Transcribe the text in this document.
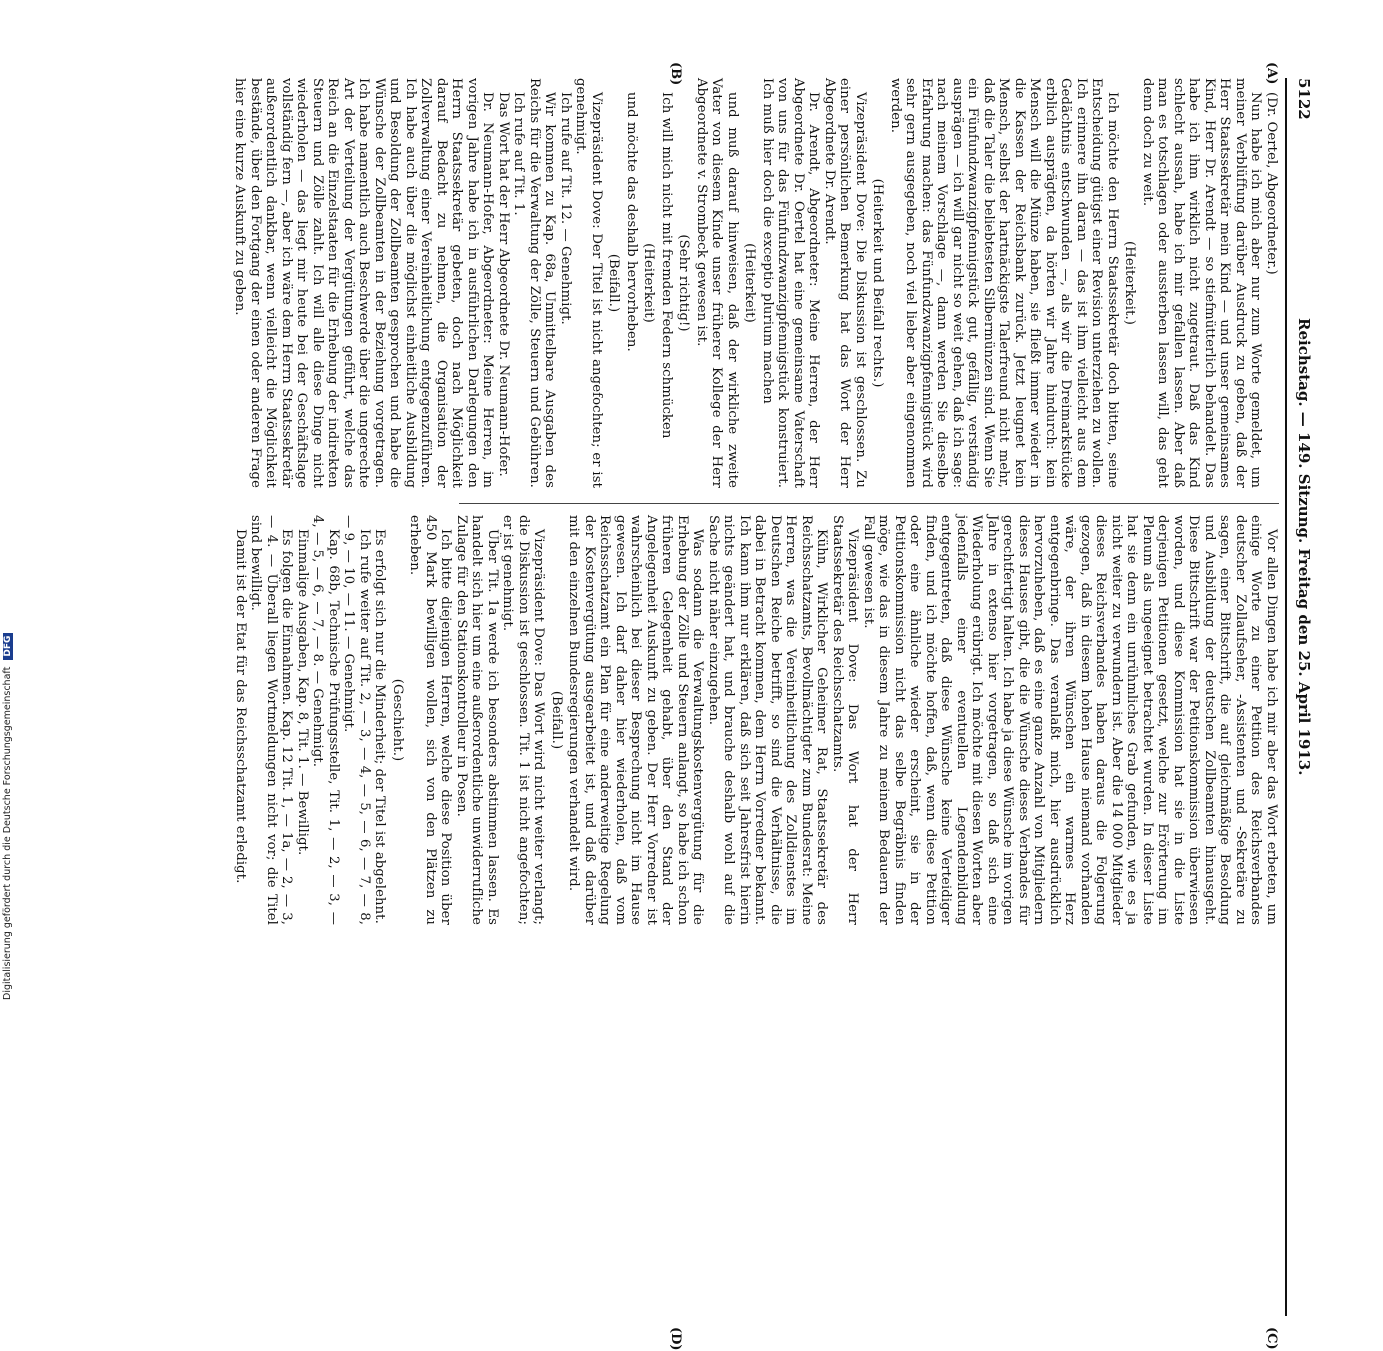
5122
Reichstag. — 149. Sitzung. Freitag den 25. April 1913.
(A)
(B)
(C)
(D)

(Dr. Oertel, Abgeordneter.)

Nun habe ich mich aber nur zum Worte gemeldet, um meiner Verblüffung darüber Ausdruck zu geben, daß der Herr Staatssekretär mein Kind — und unser gemeinsames Kind, Herr Dr. Arendt — so stiefmütterlich behandelt. Das habe ich ihm wirklich nicht zugetraut. Daß das Kind schlecht aussah, habe ich mir gefallen lassen. Aber daß man es totschlagen oder aussterben lassen will, das geht denn doch zu weit.

(Heiterkeit.)

Ich möchte den Herrn Staatssekretär doch bitten, seine Entscheidung gütigst einer Revision unterziehen zu wollen. Ich erinnere ihn daran — das ist ihm vielleicht aus dem Gedächtnis entschwunden —, als wir die Dreimarkstücke erblich ausprägten, da hörten wir Jahre hindurch: kein Mensch will die Münze haben, sie fließt immer wieder in die Kassen der Reichsbank zurück. Jetzt leugnet kein Mensch, selbst der hartnäckigste Talerfreund nicht mehr, daß die Taler die beliebtesten Silbermünzen sind. Wenn Sie ein Fünfundzwanzigpfennigstück gut, gefällig, verständig ausprägen — ich will gar nicht so weit gehen, daß ich sage: nach meinem Vorschlage —, dann werden Sie dieselbe Erfahrung machen: das Fünfundzwanzigpfennigstück wird sehr gern ausgegeben, noch viel lieber aber eingenommen werden.

(Heiterkeit und Beifall rechts.)

Vizepräsident Dove: Die Diskussion ist geschlossen. Zu einer persönlichen Bemerkung hat das Wort der Herr Abgeordnete Dr. Arendt.

Dr. Arendt, Abgeordneter: Meine Herren, der Herr Abgeordnete Dr. Oertel hat eine gemeinsame Vaterschaft von uns für das Fünfundzwanzigpfennigstück konstruiert. Ich muß hier doch die exceptio plurium machen

(Heiterkeit)

und muß darauf hinweisen, daß der wirkliche zweite Vater von diesem Kinde unser früherer Kollege der Herr Abgeordnete v. Strombeck gewesen ist.

(Sehr richtig!)

Ich will mich nicht mit fremden Federn schmücken

(Heiterkeit)

und möchte das deshalb hervorheben.

(Beifall.)

Vizepräsident Dove: Der Titel ist nicht angefochten; er ist genehmigt.

Ich rufe auf Tit. 12. — Genehmigt.

Wir kommen zu Kap. 68a, Unmittelbare Ausgaben des Reichs für die Verwaltung der Zölle, Steuern und Gebühren.

Ich rufe auf Tit. 1.

Das Wort hat der Herr Abgeordnete Dr. Neumann-Hofer.

Dr. Neumann-Hofer, Abgeordneter: Meine Herren, im vorigen Jahre habe ich in ausführlichen Darlegungen den Herrn Staatssekretär gebeten, doch nach Möglichkeit darauf Bedacht zu nehmen, die Organisation der Zollverwaltung einer Vereinheitlichung entgegenzuführen. Ich habe auch über die möglichst einheitliche Ausbildung und Besoldung der Zollbeamten gesprochen und habe die Wünsche der Zollbeamten in der Beziehung vorgetragen. Ich habe namentlich auch Beschwerde über die ungerechte Art der Verteilung der Vergütungen geführt, welche das Reich an die Einzelstaaten für die Erhebung der indirekten Steuern und Zölle zahlt. Ich will alle diese Dinge nicht wiederholen — das liegt mir heute bei der Geschäftslage vollständig fern —, aber ich wäre dem Herrn Staatssekretär außerordentlich dankbar, wenn vielleicht die Möglichkeit bestände, über den Fortgang der einen oder anderen Frage hier eine kurze Auskunft zu geben.

Vor allen Dingen habe ich mir aber das Wort erbeten, um einige Worte zu einer Petition des Reichsverbandes deutscher Zollaufseher, -Assistenten und -Sekretäre zu sagen, einer Bittschrift, die auf gleichmäßige Besoldung und Ausbildung der deutschen Zollbeamten hinausgeht. Diese Bittschrift war der Petitionskommission überwiesen worden, und diese Kommission hat sie in die Liste derjenigen Petitionen gesetzt, welche zur Erörterung im Plenum als ungeeignet betrachtet wurden. In dieser Liste hat sie denn ein unrühmliches Grab gefunden, wie es ja nicht weiter zu verwundern ist. Aber die 14 000 Mitglieder dieses Reichsverbandes haben daraus die Folgerung gezogen, daß in diesem hohen Hause niemand vorhanden wäre, der ihren Wünschen ein warmes Herz entgegenbringe. Das veranlaßt mich, hier ausdrücklich hervorzuheben, daß es eine ganze Anzahl von Mitgliedern dieses Hauses gibt, die die Wünsche dieses Verbandes für gerechtfertigt halten. Ich habe ja diese Wünsche im vorigen Jahre in extenso hier vorgetragen, so daß sich eine Wiederholung erübrigt. Ich möchte mit diesen Worten aber jedenfalls einer eventuellen Legendenbildung entgegentreten, daß diese Wünsche keine Verteidiger finden, und ich möchte hoffen, daß, wenn diese Petition oder eine ähnliche wieder erscheint, sie in der Petitionskommission nicht das selbe Begräbnis finden möge, wie das in diesem Jahre zu meinem Bedauern der Fall gewesen ist.

Vizepräsident Dove: Das Wort hat der Herr Staatssekretär des Reichsschatzamts.

Kühn, Wirklicher Geheimer Rat, Staatssekretär des Reichsschatzamts, Bevollmächtigter zum Bundesrat: Meine Herren, was die Vereinheitlichung des Zolldienstes im Deutschen Reiche betrifft, so sind die Verhältnisse, die dabei in Betracht kommen, dem Herrn Vorredner bekannt. Ich kann ihm nur erklären, daß sich seit Jahresfrist hierin nichts geändert hat, und brauche deshalb wohl auf die Sache nicht näher einzugehen.

Was sodann die Verwaltungskostenvergütung für die Erhebung der Zölle und Steuern anlangt, so habe ich schon früheren Gelegenheit gehabt, über den Stand der Angelegenheit Auskunft zu geben. Der Herr Vorredner ist wahrscheinlich bei dieser Besprechung nicht im Hause gewesen. Ich darf daher hier wiederholen, daß vom Reichsschatzamt ein Plan für eine anderweitige Regelung der Kostenvergütung ausgearbeitet ist, und daß darüber mit den einzelnen Bundesregierungen verhandelt wird.

(Beifall.)

Vizepräsident Dove: Das Wort wird nicht weiter verlangt; die Diskussion ist geschlossen. Tit. 1 ist nicht angefochten; er ist genehmigt.

Über Tit. 1a werde ich besonders abstimmen lassen. Es handelt sich hier um eine außerordentliche unwiderrufliche Zulage für den Stationskontrolleur in Posen.

Ich bitte diejenigen Herren, welche diese Position über 450 Mark bewilligen wollen, sich von den Plätzen zu erheben.

(Geschieht.)

Es erfolgt sich nur die Minderheit; der Titel ist abgelehnt.

Ich rufe weiter auf Tit. 2, — 3, — 4, — 5, — 6, — 7, — 8, — 9, — 10, — 11. — Genehmigt.

Kap. 68b, Technische Prüfungsstelle, Tit. 1, — 2, — 3, — 4, — 5, — 6, — 7, — 8. — Genehmigt.

Einmalige Ausgaben, Kap. 8, Tit. 1. — Bewilligt.

Es folgen die Einnahmen. Kap. 12 Tit. 1, — 1a, — 2, — 3, — 4. — Überall liegen Wortmeldungen nicht vor; die Titel sind bewilligt.

Damit ist der Etat für das Reichsschatzamt erledigt.

Digitalisierung gefördert durch die Deutsche Forschungsgemeinschaft DFG
